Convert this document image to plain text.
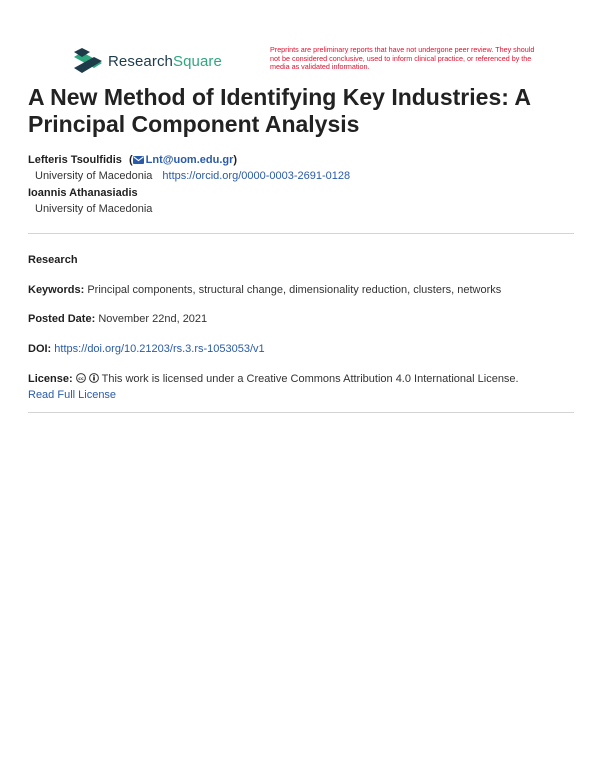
ResearchSquare
Preprints are preliminary reports that have not undergone peer review. They should not be considered conclusive, used to inform clinical practice, or referenced by the media as validated information.
A New Method of Identifying Key Industries: A Principal Component Analysis
Lefteris Tsoulfidis ( Lnt@uom.edu.gr)
University of Macedonia https://orcid.org/0000-0003-2691-0128
Ioannis Athanasiadis
University of Macedonia
Research
Keywords: Principal components, structural change, dimensionality reduction, clusters, networks
Posted Date: November 22nd, 2021
DOI: https://doi.org/10.21203/rs.3.rs-1053053/v1
License: cc This work is licensed under a Creative Commons Attribution 4.0 International License.
Read Full License
